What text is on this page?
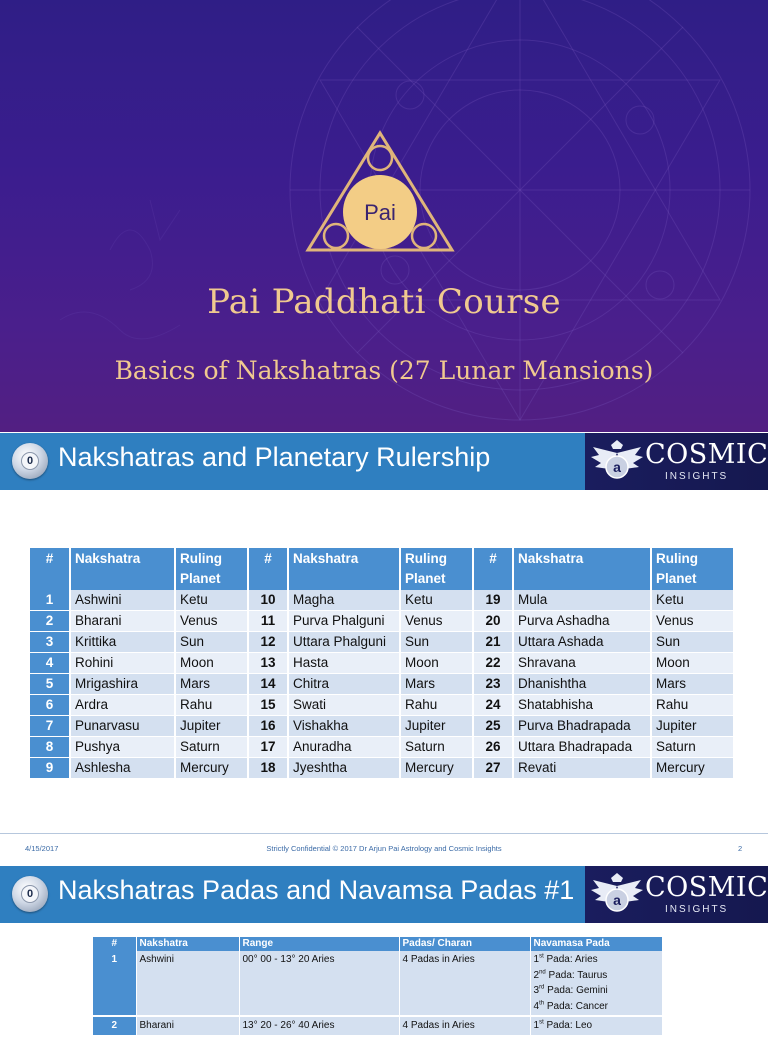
Pai
Pai Paddhati Course
Basics of Nakshatras (27 Lunar Mansions)
0 Nakshatras and Planetary Rulership	a COSMIC
INSIGHTS
#	Nakshatra	Ruling Planet	#	Nakshatra	Ruling Planet	#	Nakshatra	Ruling Planet
1	Ashwini	Ketu	10	Magha	Ketu	19	Mula	Ketu
2	Bharani	Venus	11	Purva Phalguni	Venus	20	Purva Ashadha	Venus
3	Krittika	Sun	12	Uttara Phalguni	Sun	21	Uttara Ashada	Sun
4	Rohini	Moon	13	Hasta	Moon	22	Shravana	Moon
5	Mrigashira	Mars	14	Chitra	Mars	23	Dhanishtha	Mars
6	Ardra	Rahu	15	Swati	Rahu	24	Shatabhisha	Rahu
7	Punarvasu	Jupiter	16	Vishakha	Jupiter	25	Purva Bhadrapada	Jupiter
8	Pushya	Saturn	17	Anuradha	Saturn	26	Uttara Bhadrapada	Saturn
9	Ashlesha	Mercury	18	Jyeshtha	Mercury	27	Revati	Mercury
4/15/2017	Strictly Confidential © 2017 Dr Arjun Pai Astrology and Cosmic Insights	2
0 Nakshatras Padas and Navamsa Padas #1	a COSMIC
INSIGHTS
#	Nakshatra	Range	Padas/ Charan	Navamasa Pada
1	Ashwini	00° 00 - 13° 20 Aries	4 Padas in Aries	1st Pada: Aries
2nd Pada: Taurus
3rd Pada: Gemini
4th Pada: Cancer

2	Bharani	13° 20 - 26° 40 Aries	4 Padas in Aries	1st Pada: Leo
